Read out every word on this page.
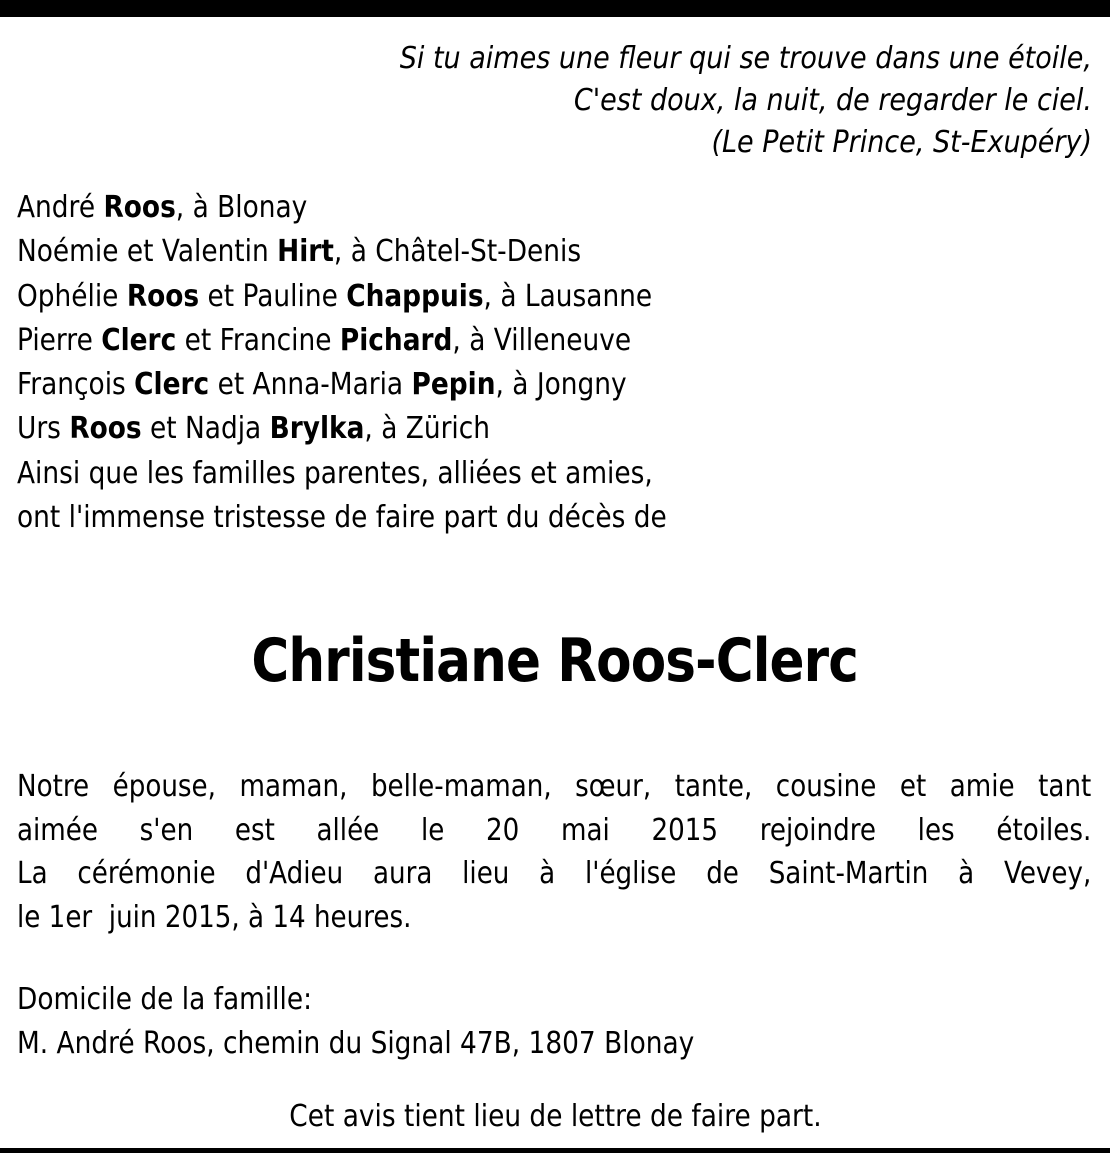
Si tu aimes une fleur qui se trouve dans une étoile,
C'est doux, la nuit, de regarder le ciel.
(Le Petit Prince, St-Exupéry)
André Roos, à Blonay
Noémie et Valentin Hirt, à Châtel-St-Denis
Ophélie Roos et Pauline Chappuis, à Lausanne
Pierre Clerc et Francine Pichard, à Villeneuve
François Clerc et Anna-Maria Pepin, à Jongny
Urs Roos et Nadja Brylka, à Zürich
Ainsi que les familles parentes, alliées et amies,
ont l'immense tristesse de faire part du décès de
Christiane Roos-Clerc
Notre épouse, maman, belle-maman, sœur, tante, cousine et amie tant
aimée s'en est allée le 20 mai 2015 rejoindre les étoiles.
La cérémonie d'Adieu aura lieu à l'église de Saint-Martin à Vevey,
le 1er  juin 2015, à 14 heures.
Domicile de la famille:
M. André Roos, chemin du Signal 47B, 1807 Blonay
Cet avis tient lieu de lettre de faire part.
